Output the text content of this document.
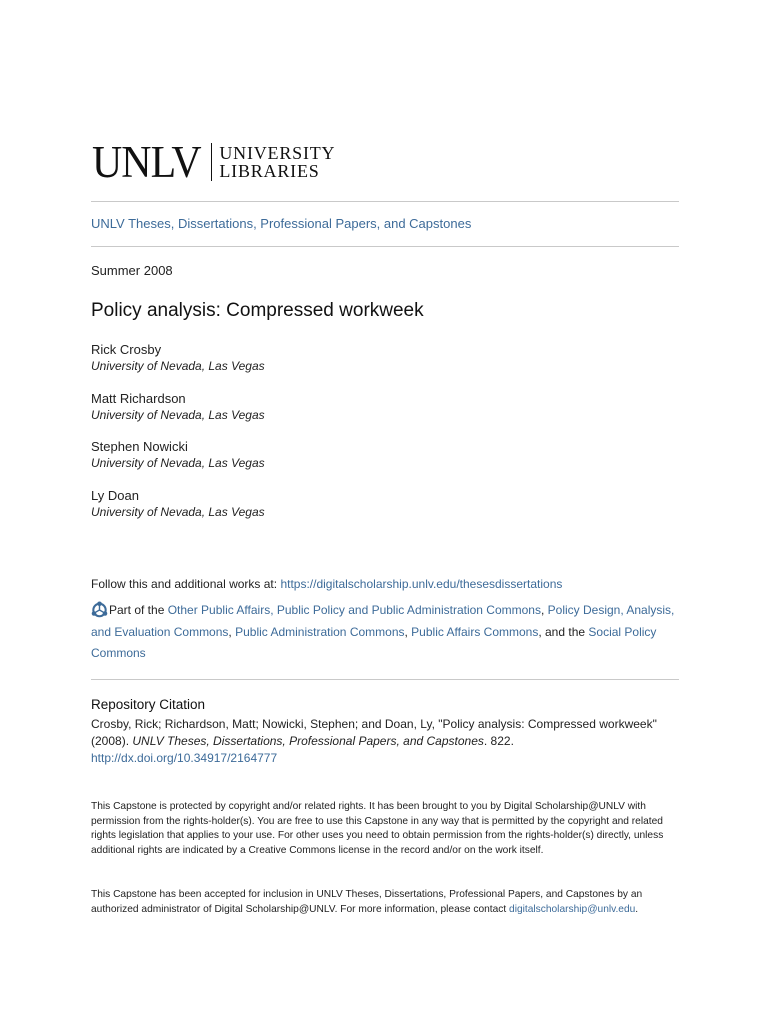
UNLV UNIVERSITY
LIBRARIES
UNLV Theses, Dissertations, Professional Papers, and Capstones
Summer 2008
Policy analysis: Compressed workweek
Rick Crosby
University of Nevada, Las Vegas
Matt Richardson
University of Nevada, Las Vegas
Stephen Nowicki
University of Nevada, Las Vegas
Ly Doan
University of Nevada, Las Vegas
Follow this and additional works at: https://digitalscholarship.unlv.edu/thesesdissertations
Part of the Other Public Affairs, Public Policy and Public Administration Commons, Policy Design, Analysis, and Evaluation Commons, Public Administration Commons, Public Affairs Commons, and the Social Policy Commons
Repository Citation
Crosby, Rick; Richardson, Matt; Nowicki, Stephen; and Doan, Ly, "Policy analysis: Compressed workweek" (2008). UNLV Theses, Dissertations, Professional Papers, and Capstones. 822.
http://dx.doi.org/10.34917/2164777
This Capstone is protected by copyright and/or related rights. It has been brought to you by Digital Scholarship@UNLV with permission from the rights-holder(s). You are free to use this Capstone in any way that is permitted by the copyright and related rights legislation that applies to your use. For other uses you need to obtain permission from the rights-holder(s) directly, unless additional rights are indicated by a Creative Commons license in the record and/or on the work itself.
This Capstone has been accepted for inclusion in UNLV Theses, Dissertations, Professional Papers, and Capstones by an authorized administrator of Digital Scholarship@UNLV. For more information, please contact digitalscholarship@unlv.edu.
